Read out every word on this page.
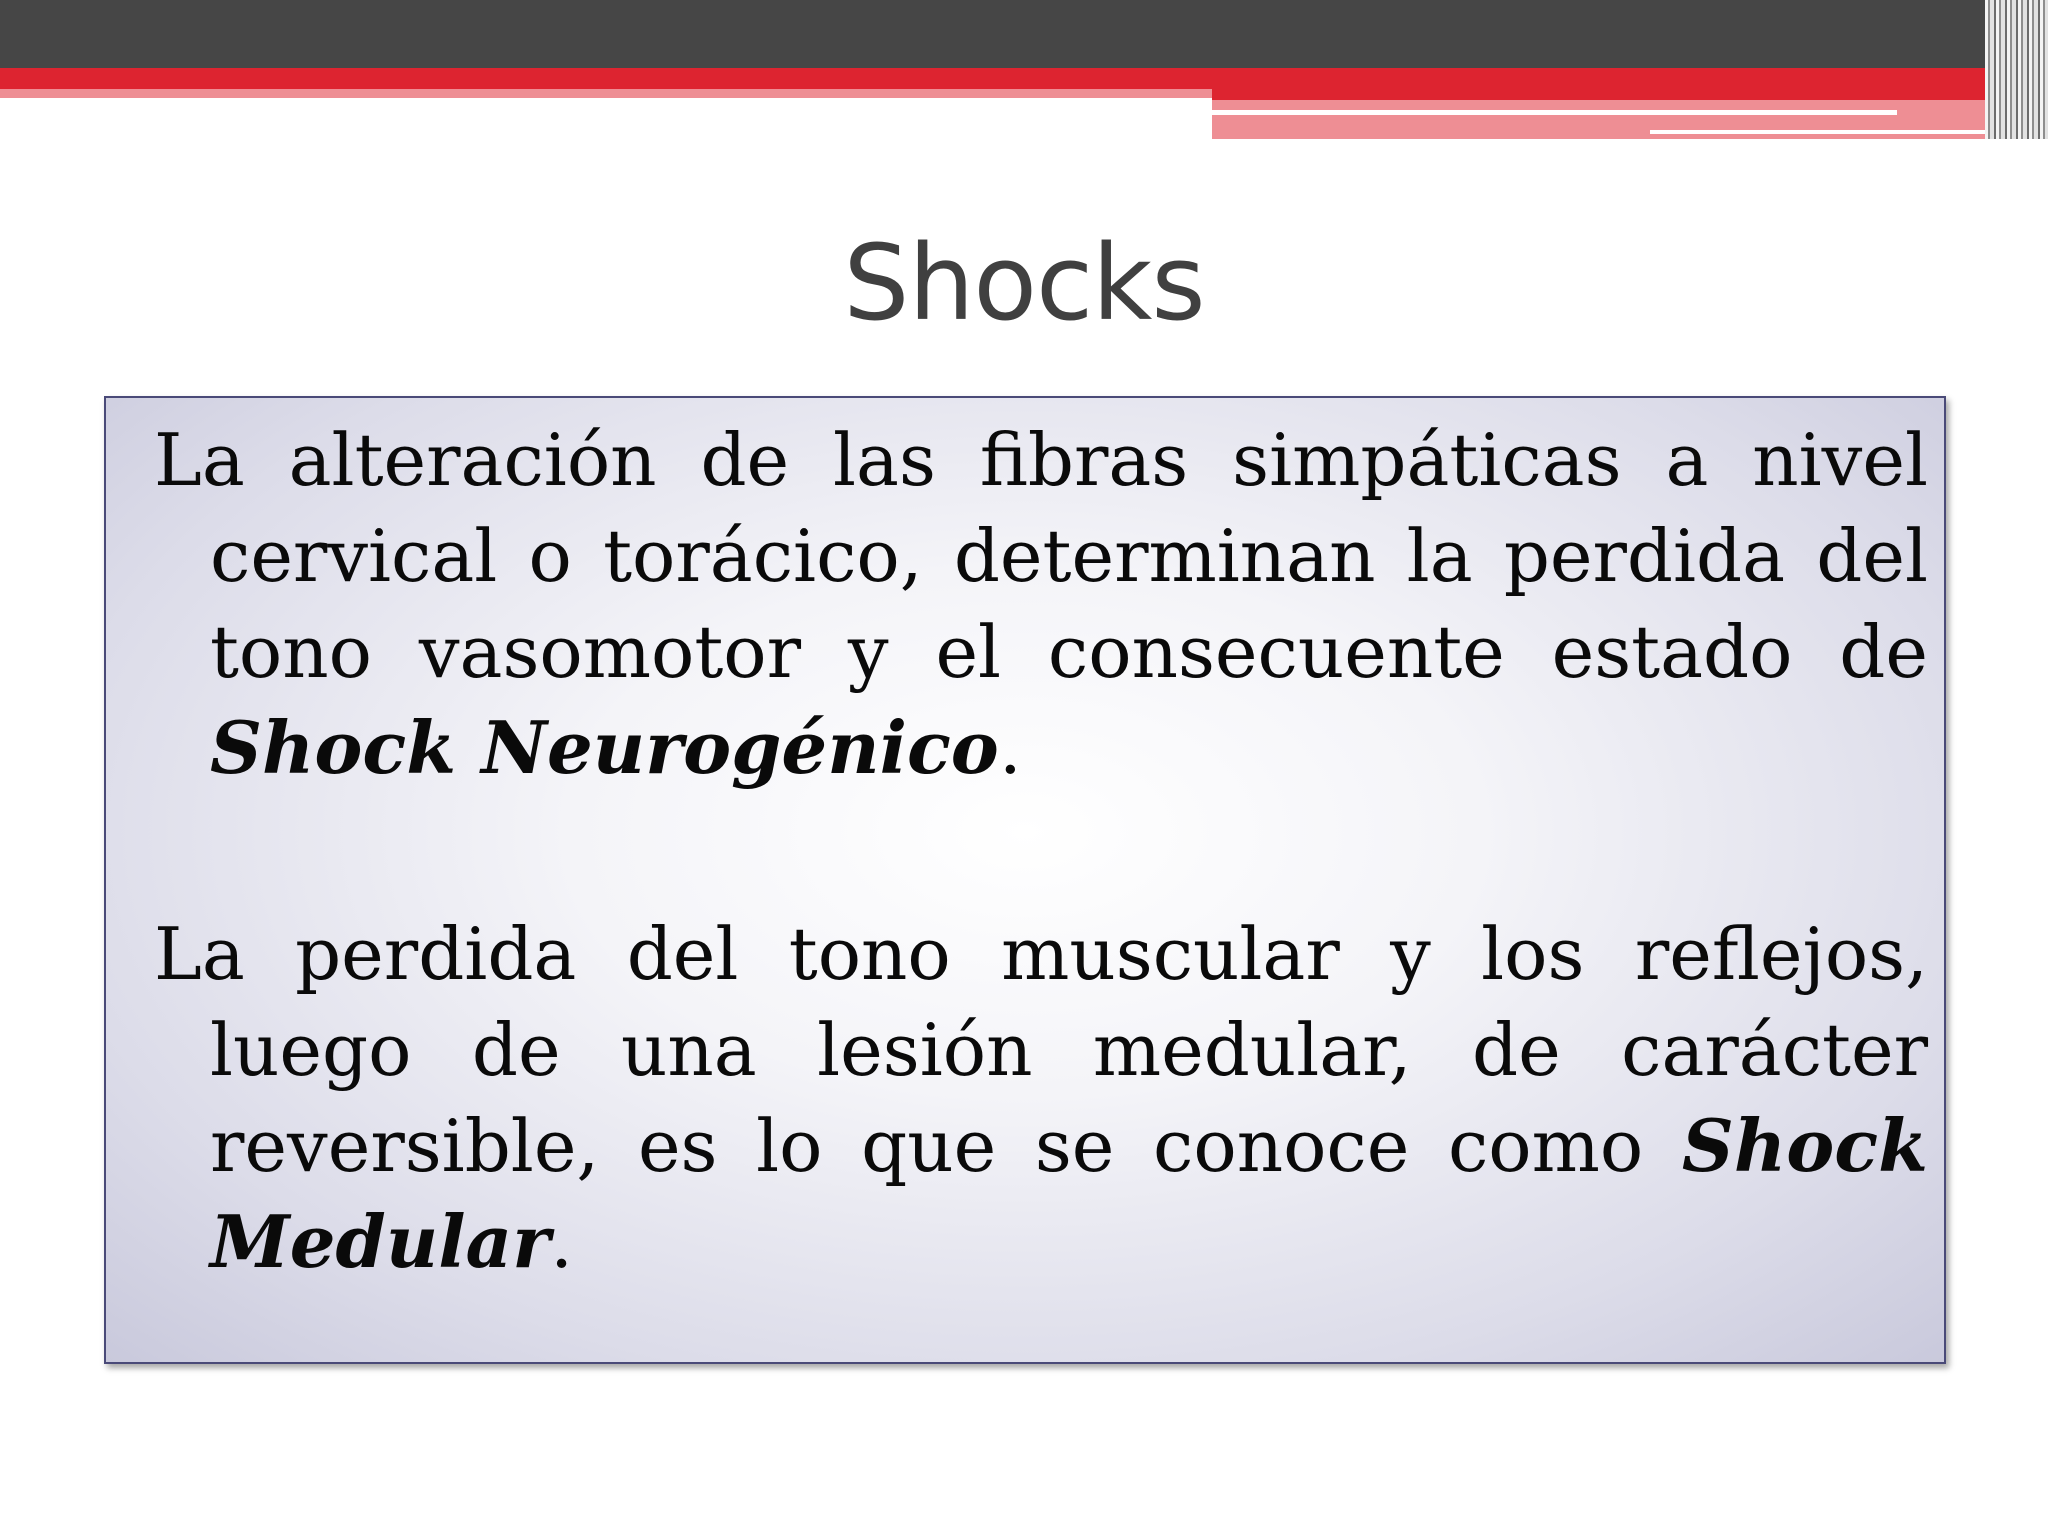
Shocks

La alteración de las fibras simpáticas a nivel cervical o torácico, determinan la perdida del tono vasomotor y el consecuente estado de Shock Neurogénico.

La perdida del tono muscular y los reflejos, luego de una lesión medular, de carácter reversible, es lo que se conoce como Shock Medular.
